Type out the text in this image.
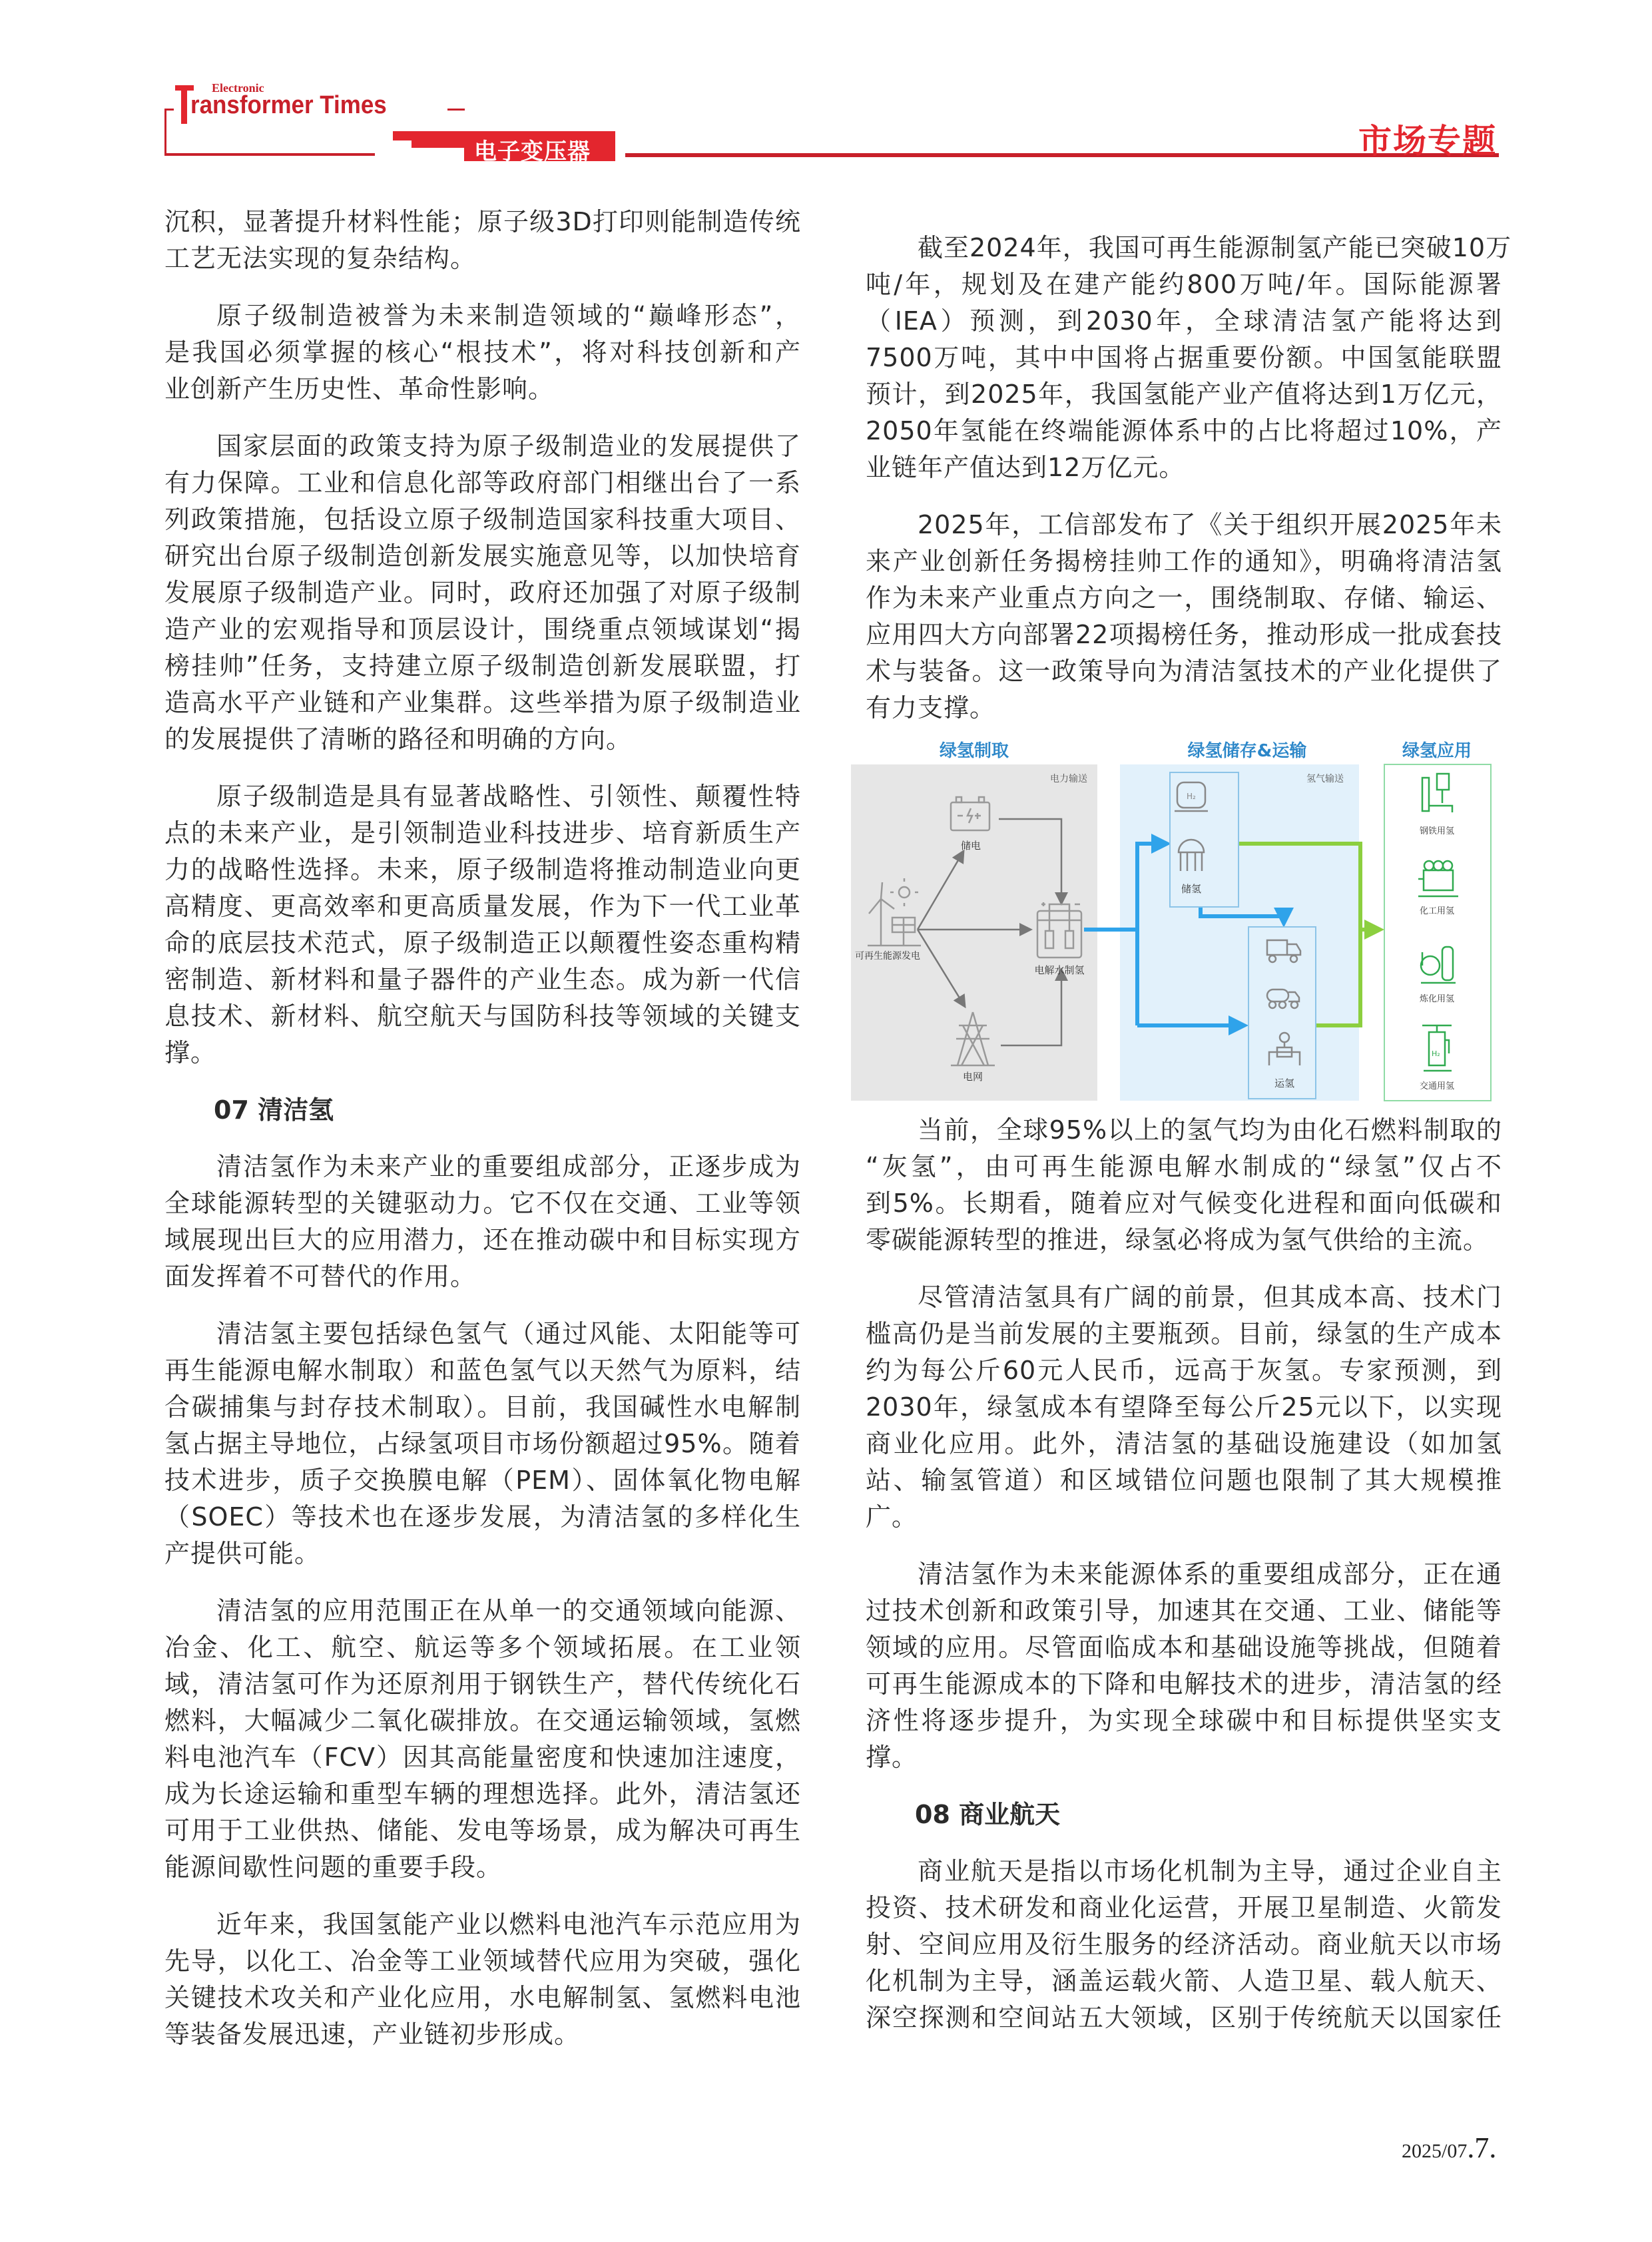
Electronic
ransformer Times
电子变压器	市场专题
沉积，显著提升材料性能；原子级3D打印则能制造传统
工艺无法实现的复杂结构。
原子级制造被誉为未来制造领域的“巅峰形态”，
是我国必须掌握的核心“根技术”，将对科技创新和产
业创新产生历史性、革命性影响。
国家层面的政策支持为原子级制造业的发展提供了
有力保障。工业和信息化部等政府部门相继出台了一系
列政策措施，包括设立原子级制造国家科技重大项目、
研究出台原子级制造创新发展实施意见等，以加快培育
发展原子级制造产业。同时，政府还加强了对原子级制
造产业的宏观指导和顶层设计，围绕重点领域谋划“揭
榜挂帅”任务，支持建立原子级制造创新发展联盟，打
造高水平产业链和产业集群。这些举措为原子级制造业
的发展提供了清晰的路径和明确的方向。
原子级制造是具有显著战略性、引领性、颠覆性特
点的未来产业，是引领制造业科技进步、培育新质生产
力的战略性选择。未来，原子级制造将推动制造业向更
高精度、更高效率和更高质量发展，作为下一代工业革
命的底层技术范式，原子级制造正以颠覆性姿态重构精
密制造、新材料和量子器件的产业生态。成为新一代信
息技术、新材料、航空航天与国防科技等领域的关键支
撑。
07 清洁氢
清洁氢作为未来产业的重要组成部分，正逐步成为
全球能源转型的关键驱动力。它不仅在交通、工业等领
域展现出巨大的应用潜力，还在推动碳中和目标实现方
面发挥着不可替代的作用。
清洁氢主要包括绿色氢气（通过风能、太阳能等可
再生能源电解水制取）和蓝色氢气以天然气为原料，结
合碳捕集与封存技术制取）。目前，我国碱性水电解制
氢占据主导地位，占绿氢项目市场份额超过95%。随着
技术进步，质子交换膜电解（PEM）、固体氧化物电解
（SOEC）等技术也在逐步发展，为清洁氢的多样化生
产提供可能。
清洁氢的应用范围正在从单一的交通领域向能源、
冶金、化工、航空、航运等多个领域拓展。在工业领
域，清洁氢可作为还原剂用于钢铁生产，替代传统化石
燃料，大幅减少二氧化碳排放。在交通运输领域，氢燃
料电池汽车（FCV）因其高能量密度和快速加注速度，
成为长途运输和重型车辆的理想选择。此外，清洁氢还
可用于工业供热、储能、发电等场景，成为解决可再生
能源间歇性问题的重要手段。
近年来，我国氢能产业以燃料电池汽车示范应用为
先导，以化工、冶金等工业领域替代应用为突破，强化
关键技术攻关和产业化应用，水电解制氢、氢燃料电池
等装备发展迅速，产业链初步形成。
截至2024年，我国可再生能源制氢产能已突破10万
吨/年，规划及在建产能约800万吨/年。国际能源署
（IEA）预测，到2030年，全球清洁氢产能将达到
7500万吨，其中中国将占据重要份额。中国氢能联盟
预计，到2025年，我国氢能产业产值将达到1万亿元，
2050年氢能在终端能源体系中的占比将超过10%，产
业链年产值达到12万亿元。
2025年，工信部发布了《关于组织开展2025年未
来产业创新任务揭榜挂帅工作的通知》，明确将清洁氢
作为未来产业重点方向之一，围绕制取、存储、输运、
应用四大方向部署22项揭榜任务，推动形成一批成套技
术与装备。这一政策导向为清洁氢技术的产业化提供了
有力支撑。
当前，全球95%以上的氢气均为由化石燃料制取的
“灰氢”，由可再生能源电解水制成的“绿氢”仅占不
到5%。长期看，随着应对气候变化进程和面向低碳和
零碳能源转型的推进，绿氢必将成为氢气供给的主流。
尽管清洁氢具有广阔的前景，但其成本高、技术门
槛高仍是当前发展的主要瓶颈。目前，绿氢的生产成本
约为每公斤60元人民币，远高于灰氢。专家预测，到
2030年，绿氢成本有望降至每公斤25元以下，以实现
商业化应用。此外，清洁氢的基础设施建设（如加氢
站、输氢管道）和区域错位问题也限制了其大规模推
广。
清洁氢作为未来能源体系的重要组成部分，正在通
过技术创新和政策引导，加速其在交通、工业、储能等
领域的应用。尽管面临成本和基础设施等挑战，但随着
可再生能源成本的下降和电解技术的进步，清洁氢的经
济性将逐步提升，为实现全球碳中和目标提供坚实支
撑。
08 商业航天
商业航天是指以市场化机制为主导，通过企业自主
投资、技术研发和商业化运营，开展卫星制造、火箭发
射、空间应用及衍生服务的经济活动。商业航天以市场
化机制为主导，涵盖运载火箭、人造卫星、载人航天、
深空探测和空间站五大领域，区别于传统航天以国家任
绿氢制取	绿氢储存&运输	绿氢应用
电力输送	氢气输送
储电
可再生能源发电
电解水制氢
电网
H₂
储氢
运氢
钢铁用氢
化工用氢
炼化用氢
H₂
交通用氢
2025/07.7.
